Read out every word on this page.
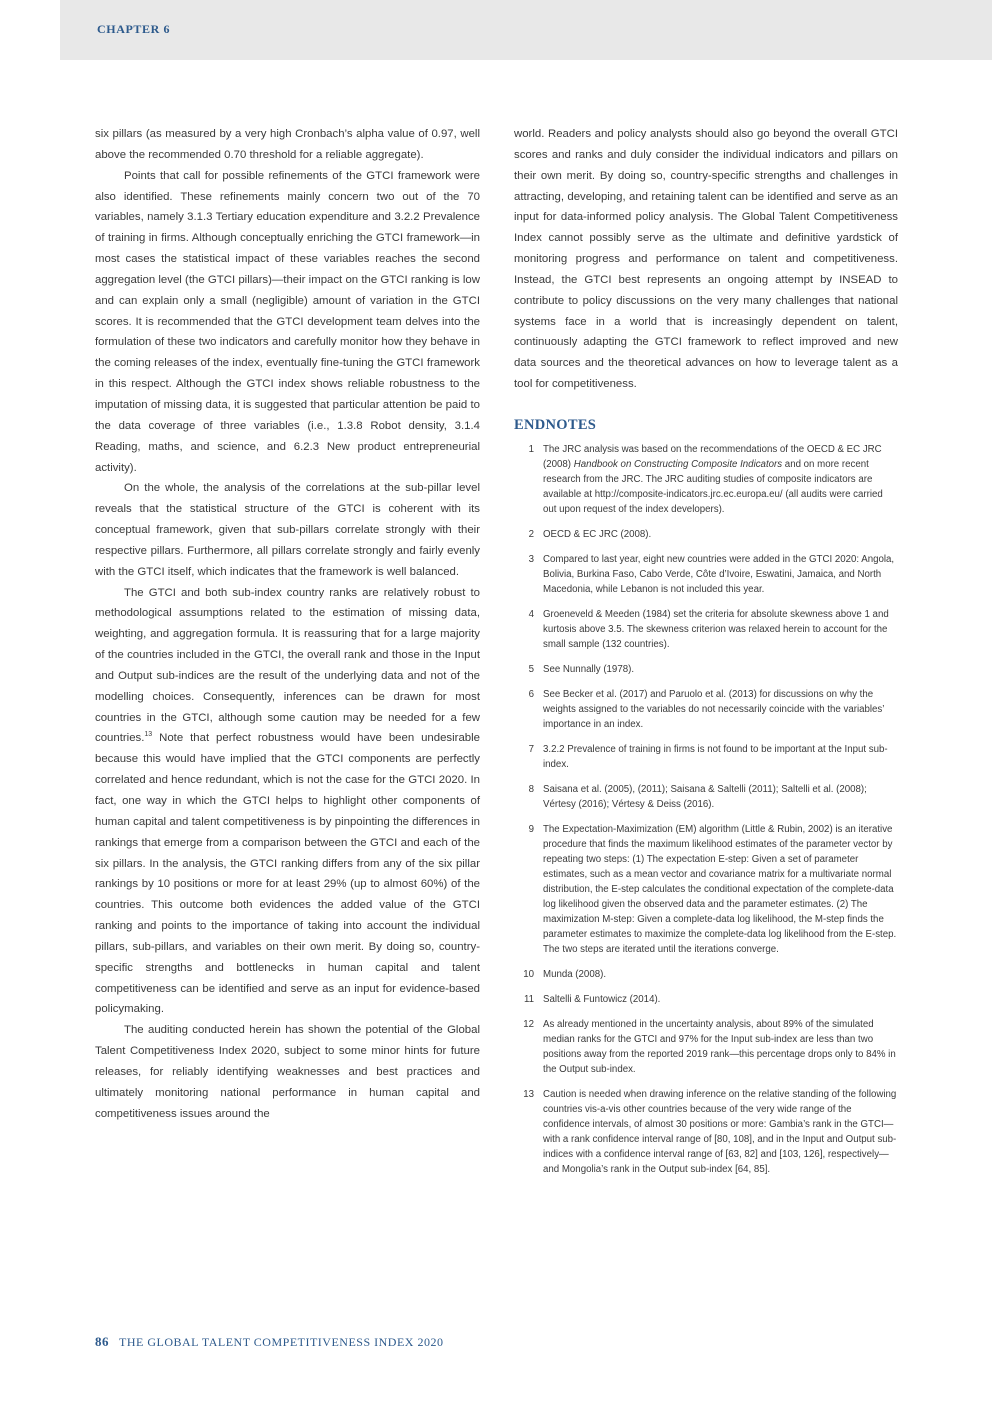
CHAPTER 6

six pillars (as measured by a very high Cronbach’s alpha value of 0.97, well above the recommended 0.70 threshold for a reliable aggregate).

Points that call for possible refinements of the GTCI framework were also identified. These refinements mainly concern two out of the 70 variables, namely 3.1.3 Tertiary education expenditure and 3.2.2 Prevalence of training in firms. Although conceptually enriching the GTCI framework—in most cases the statistical impact of these variables reaches the second aggregation level (the GTCI pillars)—their impact on the GTCI ranking is low and can explain only a small (negligible) amount of variation in the GTCI scores. It is recommended that the GTCI development team delves into the formulation of these two indicators and carefully monitor how they behave in the coming releases of the index, eventually fine-tuning the GTCI framework in this respect. Although the GTCI index shows reliable robustness to the imputation of missing data, it is suggested that particular attention be paid to the data coverage of three variables (i.e., 1.3.8 Robot density, 3.1.4 Reading, maths, and science, and 6.2.3 New product entrepreneurial activity).

On the whole, the analysis of the correlations at the sub-pillar level reveals that the statistical structure of the GTCI is coherent with its conceptual framework, given that sub-pillars correlate strongly with their respective pillars. Furthermore, all pillars correlate strongly and fairly evenly with the GTCI itself, which indicates that the framework is well balanced.

The GTCI and both sub-index country ranks are relatively robust to methodological assumptions related to the estimation of missing data, weighting, and aggregation formula. It is reassuring that for a large majority of the countries included in the GTCI, the overall rank and those in the Input and Output sub-indices are the result of the underlying data and not of the modelling choices. Consequently, inferences can be drawn for most countries in the GTCI, although some caution may be needed for a few countries.$^{13}$ Note that perfect robustness would have been undesirable because this would have implied that the GTCI components are perfectly correlated and hence redundant, which is not the case for the GTCI 2020. In fact, one way in which the GTCI helps to highlight other components of human capital and talent competitiveness is by pinpointing the differences in rankings that emerge from a comparison between the GTCI and each of the six pillars. In the analysis, the GTCI ranking differs from any of the six pillar rankings by 10 positions or more for at least 29% (up to almost 60%) of the countries. This outcome both evidences the added value of the GTCI ranking and points to the importance of taking into account the individual pillars, sub-pillars, and variables on their own merit. By doing so, country-specific strengths and bottlenecks in human capital and talent competitiveness can be identified and serve as an input for evidence-based policymaking.

The auditing conducted herein has shown the potential of the Global Talent Competitiveness Index 2020, subject to some minor hints for future releases, for reliably identifying weaknesses and best practices and ultimately monitoring national performance in human capital and competitiveness issues around the

world. Readers and policy analysts should also go beyond the overall GTCI scores and ranks and duly consider the individual indicators and pillars on their own merit. By doing so, country-specific strengths and challenges in attracting, developing, and retaining talent can be identified and serve as an input for data-informed policy analysis. The Global Talent Competitiveness Index cannot possibly serve as the ultimate and definitive yardstick of monitoring progress and performance on talent and competitiveness. Instead, the GTCI best represents an ongoing attempt by INSEAD to contribute to policy discussions on the very many challenges that national systems face in a world that is increasingly dependent on talent, continuously adapting the GTCI framework to reflect improved and new data sources and the theoretical advances on how to leverage talent as a tool for competitiveness.

ENDNOTES
1 The JRC analysis was based on the recommendations of the OECD & EC JRC (2008) Handbook on Constructing Composite Indicators and on more recent research from the JRC. The JRC auditing studies of composite indicators are available at http://composite-indicators.jrc.ec.europa.eu/ (all audits were carried out upon request of the index developers).
2 OECD & EC JRC (2008).
3 Compared to last year, eight new countries were added in the GTCI 2020: Angola, Bolivia, Burkina Faso, Cabo Verde, Côte d’Ivoire, Eswatini, Jamaica, and North Macedonia, while Lebanon is not included this year.
4 Groeneveld & Meeden (1984) set the criteria for absolute skewness above 1 and kurtosis above 3.5. The skewness criterion was relaxed herein to account for the small sample (132 countries).
5 See Nunnally (1978).
6 See Becker et al. (2017) and Paruolo et al. (2013) for discussions on why the weights assigned to the variables do not necessarily coincide with the variables’ importance in an index.
7 3.2.2 Prevalence of training in firms is not found to be important at the Input sub-index.
8 Saisana et al. (2005), (2011); Saisana & Saltelli (2011); Saltelli et al. (2008); Vértesy (2016); Vértesy & Deiss (2016).
9 The Expectation-Maximization (EM) algorithm (Little & Rubin, 2002) is an iterative procedure that finds the maximum likelihood estimates of the parameter vector by repeating two steps: (1) The expectation E-step: Given a set of parameter estimates, such as a mean vector and covariance matrix for a multivariate normal distribution, the E-step calculates the conditional expectation of the complete-data log likelihood given the observed data and the parameter estimates. (2) The maximization M-step: Given a complete-data log likelihood, the M-step finds the parameter estimates to maximize the complete-data log likelihood from the E-step. The two steps are iterated until the iterations converge.
10 Munda (2008).
11 Saltelli & Funtowicz (2014).
12 As already mentioned in the uncertainty analysis, about 89% of the simulated median ranks for the GTCI and 97% for the Input sub-index are less than two positions away from the reported 2019 rank—this percentage drops only to 84% in the Output sub-index.
13 Caution is needed when drawing inference on the relative standing of the following countries vis-a-vis other countries because of the very wide range of the confidence intervals, of almost 30 positions or more: Gambia’s rank in the GTCI—with a rank confidence interval range of [80, 108], and in the Input and Output sub-indices with a confidence interval range of [63, 82] and [103, 126], respectively—and Mongolia’s rank in the Output sub-index [64, 85].
86 THE GLOBAL TALENT COMPETITIVENESS INDEX 2020
